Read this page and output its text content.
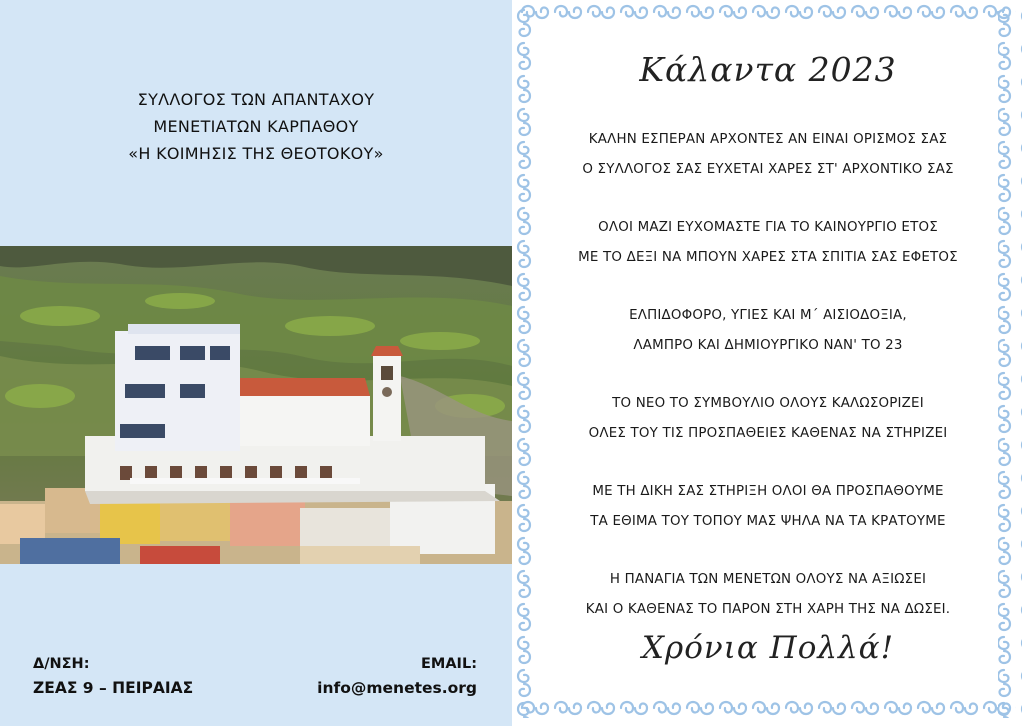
ΣΥΛΛΟΓΟΣ ΤΩΝ ΑΠΑΝΤΑΧΟΥ
ΜΕΝΕΤΙΑΤΩΝ ΚΑΡΠΑΘΟΥ
«Η ΚΟΙΜΗΣΙΣ ΤΗΣ ΘΕΟΤΟΚΟΥ»
Δ/ΝΣΗ:
ΖΕΑΣ 9 – ΠΕΙΡΑΙΑΣ
EMAIL:
info@menetes.org
Κάλαντα 2023
ΚΑΛΗΝ ΕΣΠΕΡΑΝ ΑΡΧΟΝΤΕΣ ΑΝ ΕΙΝΑΙ ΟΡΙΣΜΟΣ ΣΑΣ
Ο ΣΥΛΛΟΓΟΣ ΣΑΣ ΕΥΧΕΤΑΙ ΧΑΡΕΣ ΣΤ' ΑΡΧΟΝΤΙΚΟ ΣΑΣ
ΟΛΟΙ ΜΑΖΙ ΕΥΧΟΜΑΣΤΕ ΓΙΑ ΤΟ ΚΑΙΝΟΥΡΓΙΟ ΕΤΟΣ
ΜΕ ΤΟ ΔΕΞΙ ΝΑ ΜΠΟΥΝ ΧΑΡΕΣ ΣΤΑ ΣΠΙΤΙΑ ΣΑΣ ΕΦΕΤΟΣ
ΕΛΠΙΔΟΦΟΡΟ, ΥΓΙΕΣ ΚΑΙ Μ΄ ΑΙΣΙΟΔΟΞΙΑ,
ΛΑΜΠΡΟ ΚΑΙ ΔΗΜΙΟΥΡΓΙΚΟ ΝΑΝ' ΤΟ 23
ΤΟ ΝΕΟ ΤΟ ΣΥΜΒΟΥΛΙΟ ΟΛΟΥΣ ΚΑΛΩΣΟΡΙΖΕΙ
ΟΛΕΣ ΤΟΥ ΤΙΣ ΠΡΟΣΠΑΘΕΙΕΣ ΚΑΘΕΝΑΣ ΝΑ ΣΤΗΡΙΖΕΙ
ΜΕ ΤΗ ΔΙΚΗ ΣΑΣ ΣΤΗΡΙΞΗ ΟΛΟΙ ΘΑ ΠΡΟΣΠΑΘΟΥΜΕ
ΤΑ ΕΘΙΜΑ ΤΟΥ ΤΟΠΟΥ ΜΑΣ ΨΗΛΑ ΝΑ ΤΑ ΚΡΑΤΟΥΜΕ
Η ΠΑΝΑΓΙΑ ΤΩΝ ΜΕΝΕΤΩΝ ΟΛΟΥΣ ΝΑ ΑΞΙΩΣΕΙ
ΚΑΙ Ο ΚΑΘΕΝΑΣ ΤΟ ΠΑΡΟΝ ΣΤΗ ΧΑΡΗ ΤΗΣ ΝΑ ΔΩΣΕΙ.
Χρόνια Πολλά!
